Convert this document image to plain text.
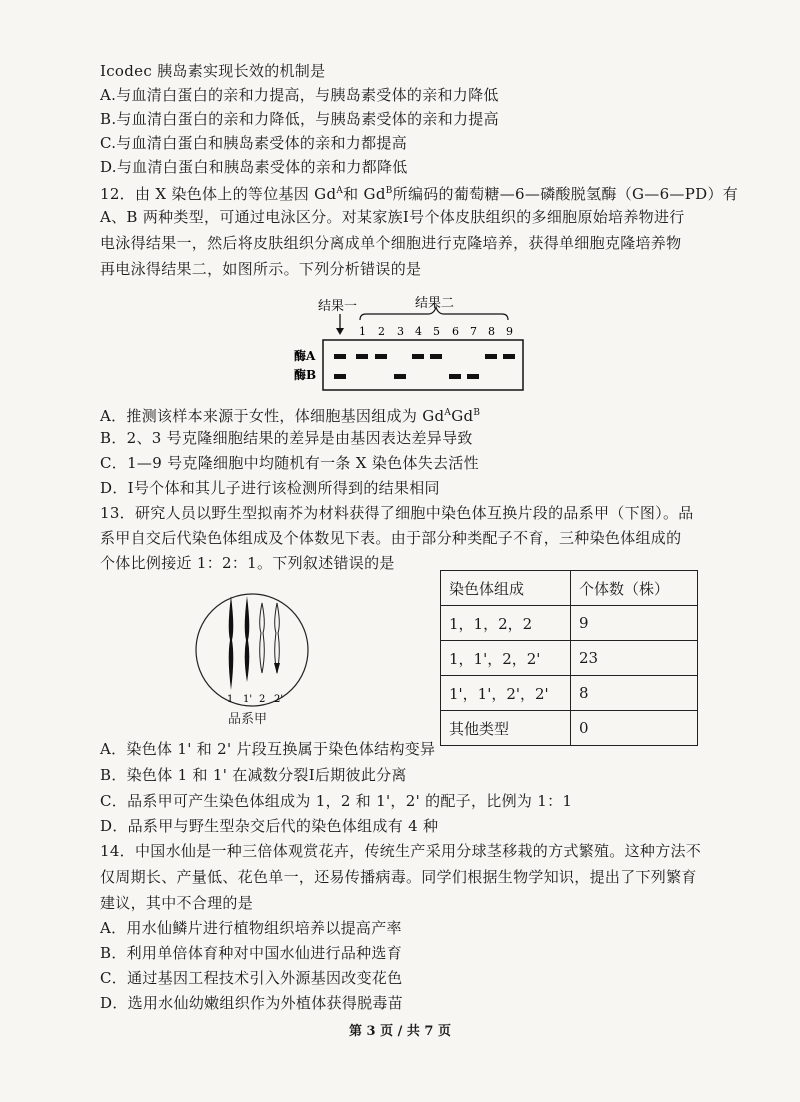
Icodec 胰岛素实现长效的机制是
A.与血清白蛋白的亲和力提高，与胰岛素受体的亲和力降低
B.与血清白蛋白的亲和力降低，与胰岛素受体的亲和力提高
C.与血清白蛋白和胰岛素受体的亲和力都提高
D.与血清白蛋白和胰岛素受体的亲和力都降低
12．由 X 染色体上的等位基因 $Gd^A$和 $Gd^B$所编码的葡萄糖—6—磷酸脱氢酶（G—6—PD）有
A、B 两种类型，可通过电泳区分。对某家族Ⅰ号个体皮肤组织的多细胞原始培养物进行
电泳得结果一，然后将皮肤组织分离成单个细胞进行克隆培养，获得单细胞克隆培养物
再电泳得结果二，如图所示。下列分析错误的是
结果一	结果二
1 2 3 4 5 6 7 8 9
酶A
酶B
A．推测该样本来源于女性，体细胞基因组成为 $Gd^AGd^B$
B．2、3 号克隆细胞结果的差异是由基因表达差异导致
C．1—9 号克隆细胞中均随机有一条 X 染色体失去活性
D．Ⅰ号个体和其儿子进行该检测所得到的结果相同
13．研究人员以野生型拟南芥为材料获得了细胞中染色体互换片段的品系甲（下图）。品
系甲自交后代染色体组成及个体数见下表。由于部分种类配子不育，三种染色体组成的
个体比例接近 1：2：1。下列叙述错误的是
1 1' 2 2'
品系甲
染色体组成	个体数（株）
1，1，2，2	9
1，1'，2，2'	23
1'，1'，2'，2'	8
其他类型	0
A．染色体 1' 和 2' 片段互换属于染色体结构变异
B．染色体 1 和 1' 在减数分裂Ⅰ后期彼此分离
C．品系甲可产生染色体组成为 1，2 和 1'，2' 的配子，比例为 1：1
D．品系甲与野生型杂交后代的染色体组成有 4 种
14．中国水仙是一种三倍体观赏花卉，传统生产采用分球茎移栽的方式繁殖。这种方法不
仅周期长、产量低、花色单一，还易传播病毒。同学们根据生物学知识，提出了下列繁育
建议，其中不合理的是
A．用水仙鳞片进行植物组织培养以提高产率
B．利用单倍体育种对中国水仙进行品种选育
C．通过基因工程技术引入外源基因改变花色
D．选用水仙幼嫩组织作为外植体获得脱毒苗
第 3 页 / 共 7 页
